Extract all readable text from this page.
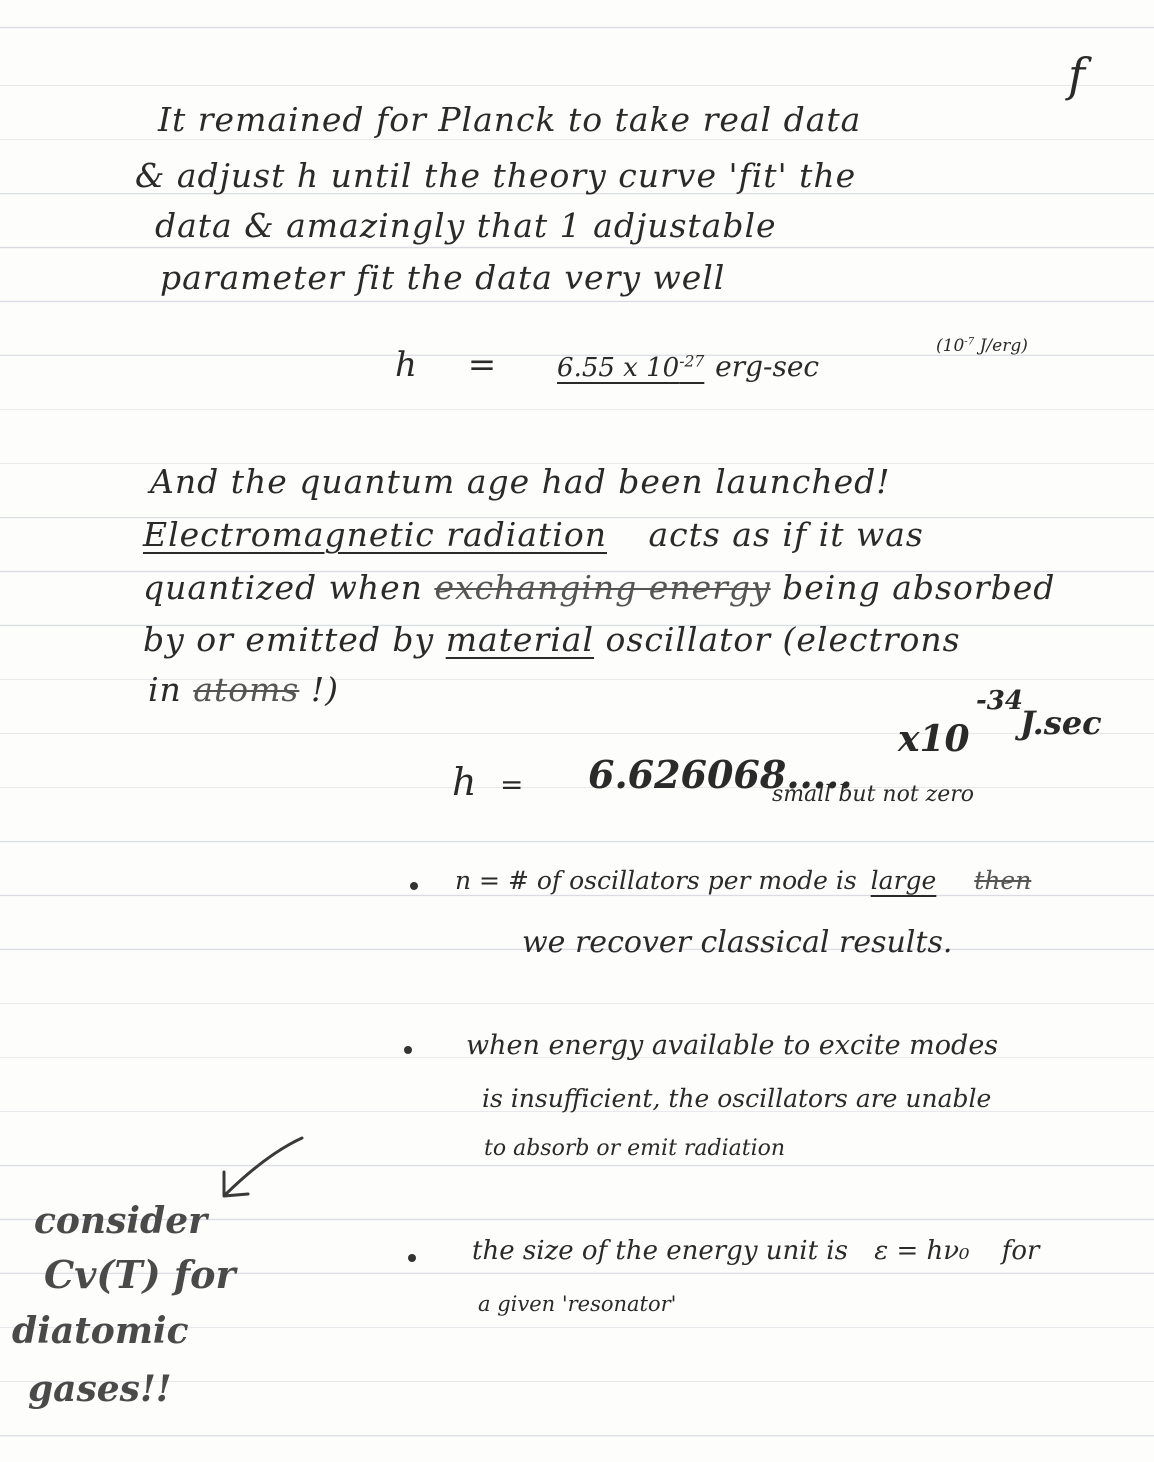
f
It remained for Planck to take real data
& adjust h until the theory curve 'fit' the
data & amazingly that 1 adjustable
parameter fit the data very well
h = 6.55 x $10^{-27}$ erg-sec
($10^{-7}$ J/erg)
And the quantum age had been launched!
Electromagnetic radiation acts as if it was
quantized when exchanging energy being absorbed
by or emitted by material oscillator (electrons
in atoms !)
h = 6.626068.....
x10
-34
J.sec
small but not zero
n = # of oscillators per mode is large then
we recover classical results.
when energy available to excite modes
is insufficient, the oscillators are unable
to absorb or emit radiation
the size of the energy unit is ε = hν₀ for
a given 'resonator'
consider
Cv(T) for
diatomic
gases!!
